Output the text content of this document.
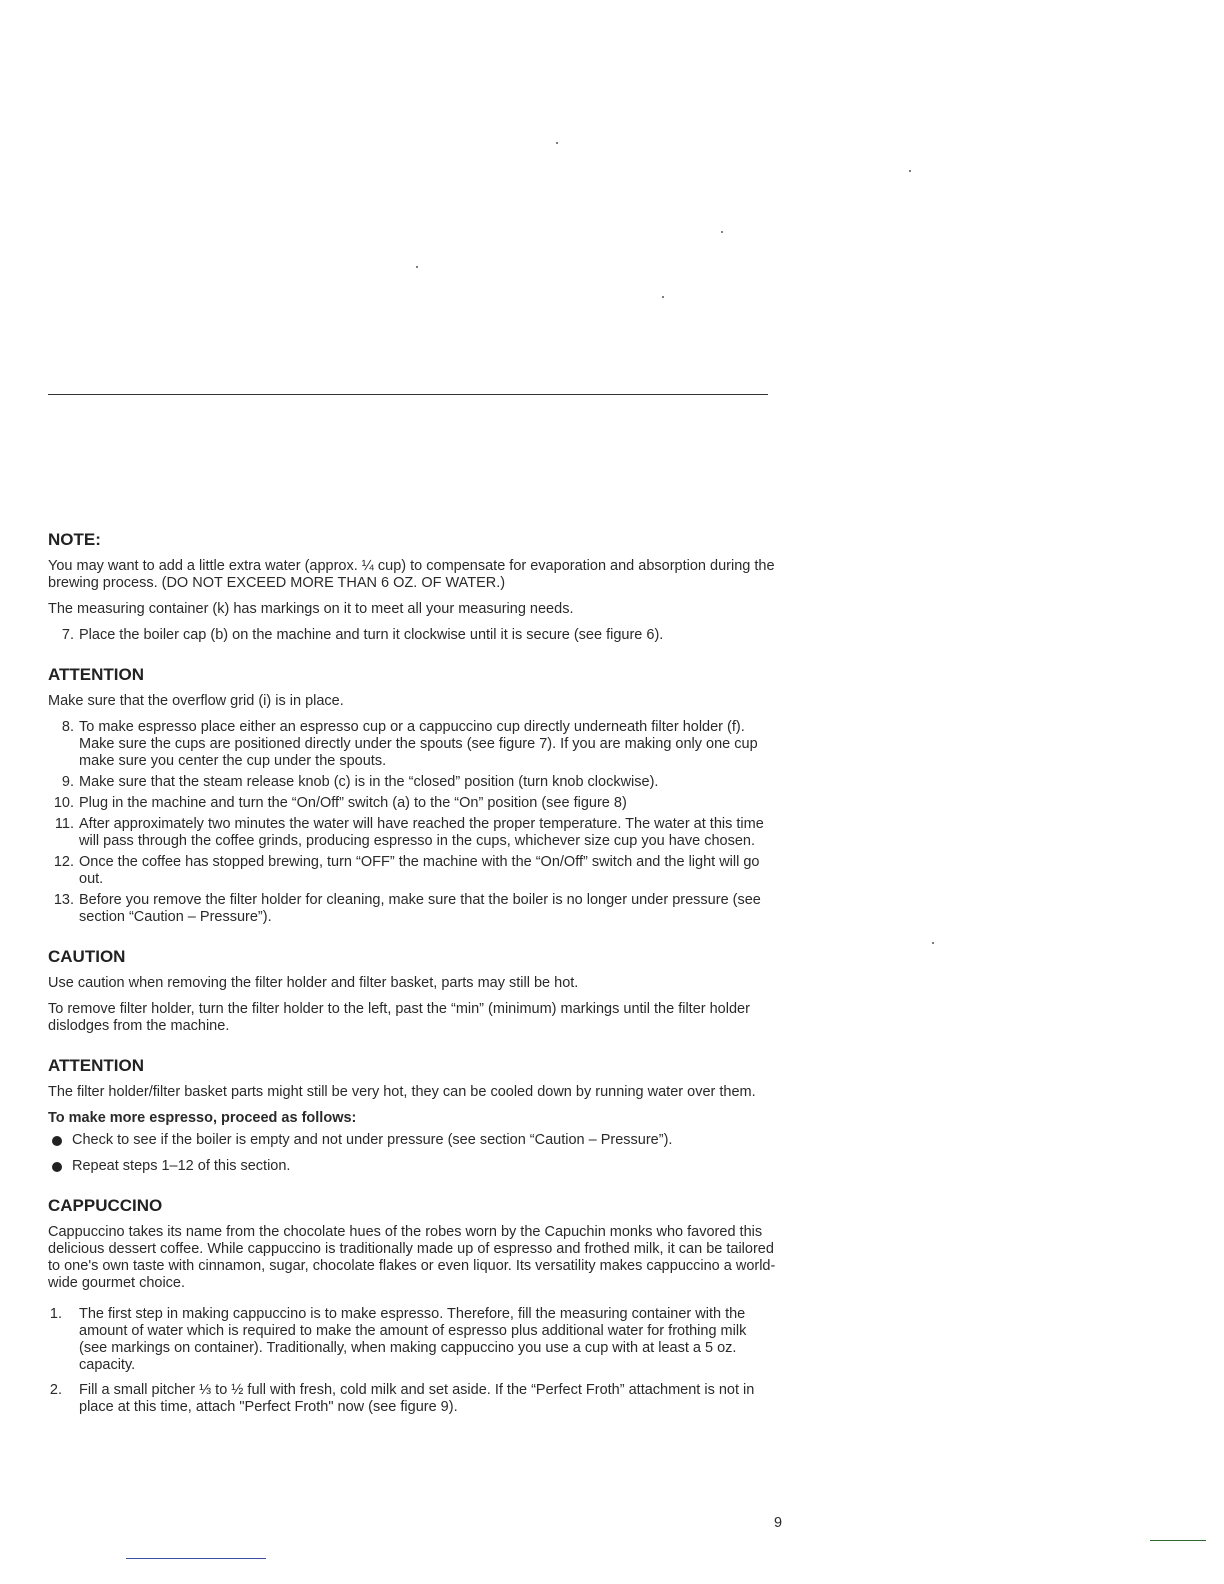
NOTE:

You may want to add a little extra water (approx. ¼ cup) to compensate for evaporation and absorption during the brewing process. (DO NOT EXCEED MORE THAN 6 OZ. OF WATER.)

The measuring container (k) has markings on it to meet all your measuring needs.

7. Place the boiler cap (b) on the machine and turn it clockwise until it is secure (see figure 6).
ATTENTION

Make sure that the overflow grid (i) is in place.

8. To make espresso place either an espresso cup or a cappuccino cup directly underneath filter holder (f). Make sure the cups are positioned directly under the spouts (see figure 7). If you are making only one cup make sure you center the cup under the spouts.
9. Make sure that the steam release knob (c) is in the “closed” position (turn knob clockwise).
10. Plug in the machine and turn the “On/Off” switch (a) to the “On” position (see figure 8)
11. After approximately two minutes the water will have reached the proper temperature. The water at this time will pass through the coffee grinds, producing espresso in the cups, whichever size cup you have chosen.
12. Once the coffee has stopped brewing, turn “OFF” the machine with the “On/Off” switch and the light will go out.
13. Before you remove the filter holder for cleaning, make sure that the boiler is no longer under pressure (see section “Caution – Pressure”).
CAUTION

Use caution when removing the filter holder and filter basket, parts may still be hot.

To remove filter holder, turn the filter holder to the left, past the “min” (minimum) markings until the filter holder dislodges from the machine.

ATTENTION

The filter holder/filter basket parts might still be very hot, they can be cooled down by running water over them.

To make more espresso, proceed as follows:
Check to see if the boiler is empty and not under pressure (see section “Caution – Pressure”).
Repeat steps 1–12 of this section.
CAPPUCCINO

Cappuccino takes its name from the chocolate hues of the robes worn by the Capuchin monks who favored this delicious dessert coffee. While cappuccino is traditionally made up of espresso and frothed milk, it can be tailored to one's own taste with cinnamon, sugar, chocolate flakes or even liquor. Its versatility makes cappuccino a world-wide gourmet choice.

1. The first step in making cappuccino is to make espresso. Therefore, fill the measuring container with the amount of water which is required to make the amount of espresso plus additional water for frothing milk (see markings on container). Traditionally, when making cappuccino you use a cup with at least a 5 oz. capacity.
2. Fill a small pitcher ⅓ to ½ full with fresh, cold milk and set aside. If the “Perfect Froth” attachment is not in place at this time, attach "Perfect Froth" now (see figure 9).
9
